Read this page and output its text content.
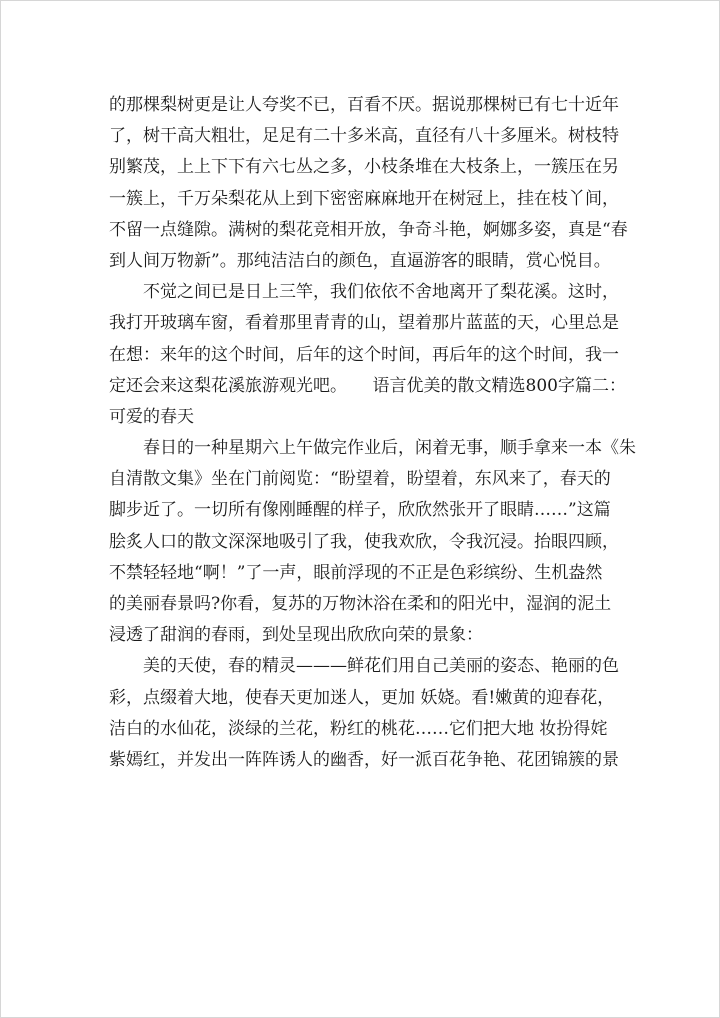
的那棵梨树更是让人夸奖不已，百看不厌。据说那棵树已有七十近年
了，树干高大粗壮，足足有二十多米高，直径有八十多厘米。树枝特
别繁茂，上上下下有六七丛之多，小枝条堆在大枝条上，一簇压在另
一簇上，千万朵梨花从上到下密密麻麻地开在树冠上，挂在枝丫间，
不留一点缝隙。满树的梨花竞相开放，争奇斗艳，婀娜多姿，真是“春
到人间万物新”。那纯洁洁白的颜色，直逼游客的眼睛，赏心悦目。
　　不觉之间已是日上三竿，我们依依不舍地离开了梨花溪。这时，
我打开玻璃车窗，看着那里青青的山，望着那片蓝蓝的天，心里总是
在想：来年的这个时间，后年的这个时间，再后年的这个时间，我一
定还会来这梨花溪旅游观光吧。　　语言优美的散文精选800字篇二：
可爱的春天
　　春日的一种星期六上午做完作业后，闲着无事，顺手拿来一本《朱
自清散文集》坐在门前阅览：“盼望着，盼望着，东风来了，春天的
脚步近了。一切所有像刚睡醒的样子，欣欣然张开了眼睛……”这篇
脍炙人口的散文深深地吸引了我，使我欢欣，令我沉浸。抬眼四顾，
不禁轻轻地“啊！”了一声，眼前浮现的不正是色彩缤纷、生机盎然
的美丽春景吗?你看，复苏的万物沐浴在柔和的阳光中，湿润的泥土
浸透了甜润的春雨，到处呈现出欣欣向荣的景象：
　　美的天使，春的精灵———鲜花们用自己美丽的姿态、艳丽的色
彩，点缀着大地，使春天更加迷人，更加 妖娆。看!嫩黄的迎春花，
洁白的水仙花，淡绿的兰花，粉红的桃花……它们把大地 妆扮得姹
紫嫣红，并发出一阵阵诱人的幽香，好一派百花争艳、花团锦簇的景
